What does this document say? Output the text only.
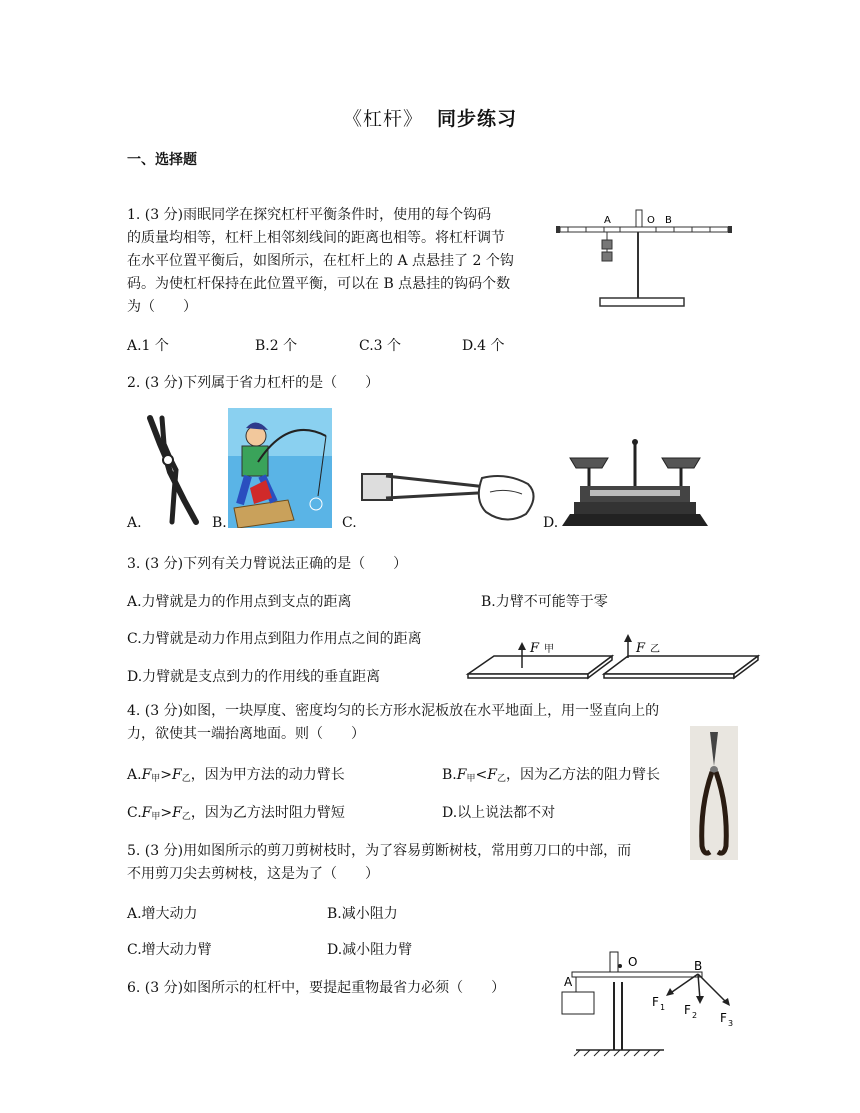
《杠杆》 同步练习
一、选择题
1. (3 分)雨眠同学在探究杠杆平衡条件时，使用的每个钩码
的质量均相等，杠杆上相邻刻线间的距离也相等。将杠杆调节
在水平位置平衡后，如图所示，在杠杆上的 A 点悬挂了 2 个钩
码。为使杠杆保持在此位置平衡，可以在 B 点悬挂的钩码个数
为（　　）
A.1 个	B.2 个	C.3 个	D.4 个
A	O B
2. (3 分)下列属于省力杠杆的是（　　）
A.	B.	C.	D.
3. (3 分)下列有关力臂说法正确的是（　　）
A.力臂就是力的作用点到支点的距离	B.力臂不可能等于零
C.力臂就是动力作用点到阻力作用点之间的距离
D.力臂就是支点到力的作用线的垂直距离
F 甲	F 乙
4. (3 分)如图，一块厚度、密度均匀的长方形水泥板放在水平地面上，用一竖直向上的
力，欲使其一端抬离地面。则（　　）
$A.F_甲>F_乙$，因为甲方法的动力臂长	$B.F_甲<F_乙$，因为乙方法的阻力臂长
$C.F_甲>F_乙$，因为乙方法时阻力臂短	D.以上说法都不对
5. (3 分)用如图所示的剪刀剪树枝时，为了容易剪断树枝，常用剪刀口的中部，而
不用剪刀尖去剪树枝，这是为了（　　）
A.增大动力	B.减小阻力
C.增大动力臂	D.减小阻力臂
6. (3 分)如图所示的杠杆中，要提起重物最省力必须（　　）	A
O	B
F 1 F 2 F 3
